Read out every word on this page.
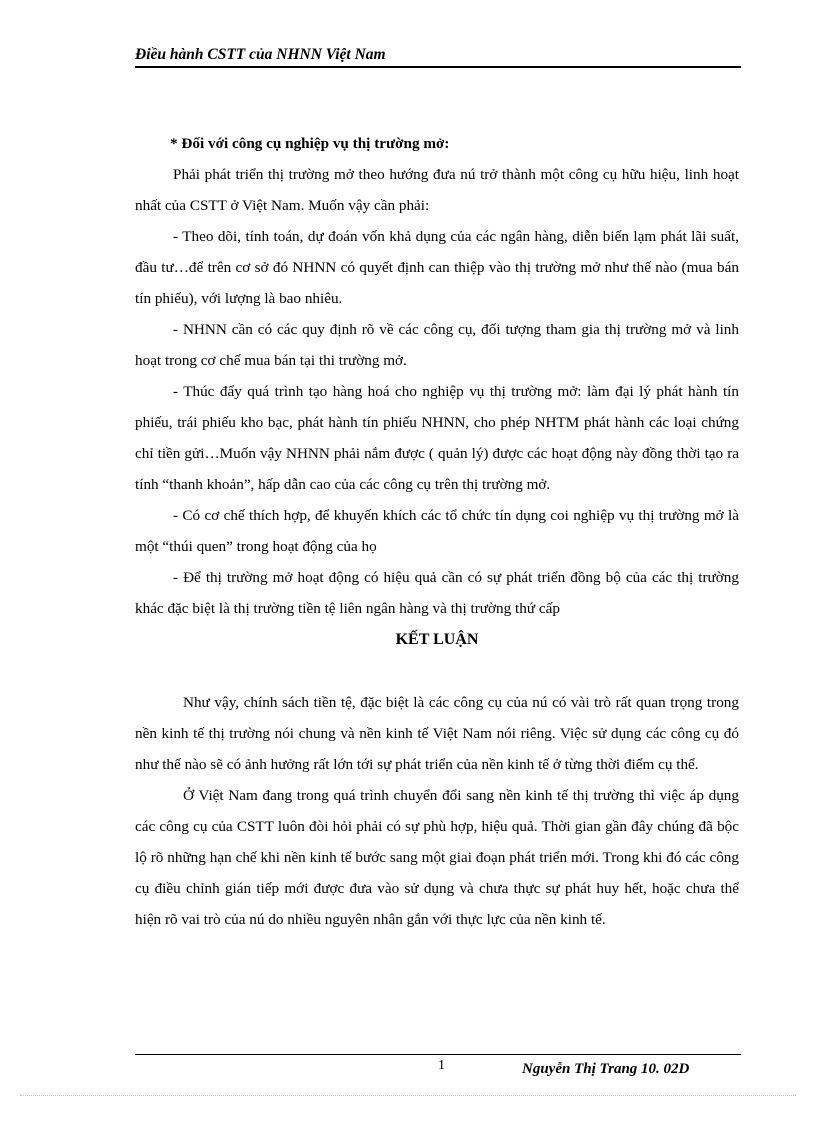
Điều hành CSTT của NHNN Việt Nam

* Đối với công cụ nghiệp vụ thị trường mở:

Phải phát triển thị trường mở theo hướng đưa nú trở thành một công cụ hữu hiệu, linh hoạt nhất của CSTT ở Việt Nam. Muốn vậy cần phải:

- Theo dõi, tính toán, dự đoán vốn khả dụng của các ngân hàng, diễn biến lạm phát lãi suất, đầu tư…để trên cơ sở đó NHNN có quyết định can thiệp vào thị trường mở như thế nào (mua bán tín phiếu), với lượng là bao nhiêu.

- NHNN cần có các quy định rõ về các công cụ, đối tượng tham gia thị trường mở và linh hoạt trong cơ chế mua bán tại thi trường mở.

- Thúc đẩy quá trình tạo hàng hoá cho nghiệp vụ thị trường mở: làm đại lý phát hành tín phiếu, trái phiếu kho bạc, phát hành tín phiếu NHNN, cho phép NHTM phát hành các loại chứng chỉ tiền gửi…Muốn vậy NHNN phải nắm được ( quản lý) được các hoạt động này đồng thời tạo ra tính “thanh khoản”, hấp dẫn cao của các công cụ trên thị trường mở.

- Có cơ chế thích hợp, để khuyến khích các tổ chức tín dụng coi nghiệp vụ thị trường mở là một “thúi quen” trong hoạt động của họ

- Để thị trường mở hoạt động có hiệu quả cần có sự phát triển đồng bộ của các thị trường khác đặc biệt là thị trường tiền tệ liên ngân hàng và thị trường thứ cấp

KẾT LUẬN

Như vậy, chính sách tiền tệ, đặc biệt là các công cụ của nú có vài trò rất quan trọng trong nền kinh tế thị trường nói chung và nền kinh tế Việt Nam nói riêng. Việc sử dụng các công cụ đó như thế nào sẽ có ảnh hưởng rất lớn tới sự phát triển của nền kinh tế ở từng thời điểm cụ thể.

Ở Việt Nam đang trong quá trình chuyển đổi sang nền kinh tế thị trường thì việc áp dụng các công cụ của CSTT luôn đòi hỏi phải có sự phù hợp, hiệu quả. Thời gian gần đây chúng đã bộc lộ rõ những hạn chế khi nền kinh tế bước sang một giai đoạn phát triển mới. Trong khi đó các công cụ điều chỉnh gián tiếp mới được đưa vào sử dụng và chưa thực sự phát huy hết, hoặc chưa thể hiện rõ vai trò của nú do nhiều nguyên nhân gắn với thực lực của nền kinh tế.

1	Nguyễn Thị Trang 10. 02D
